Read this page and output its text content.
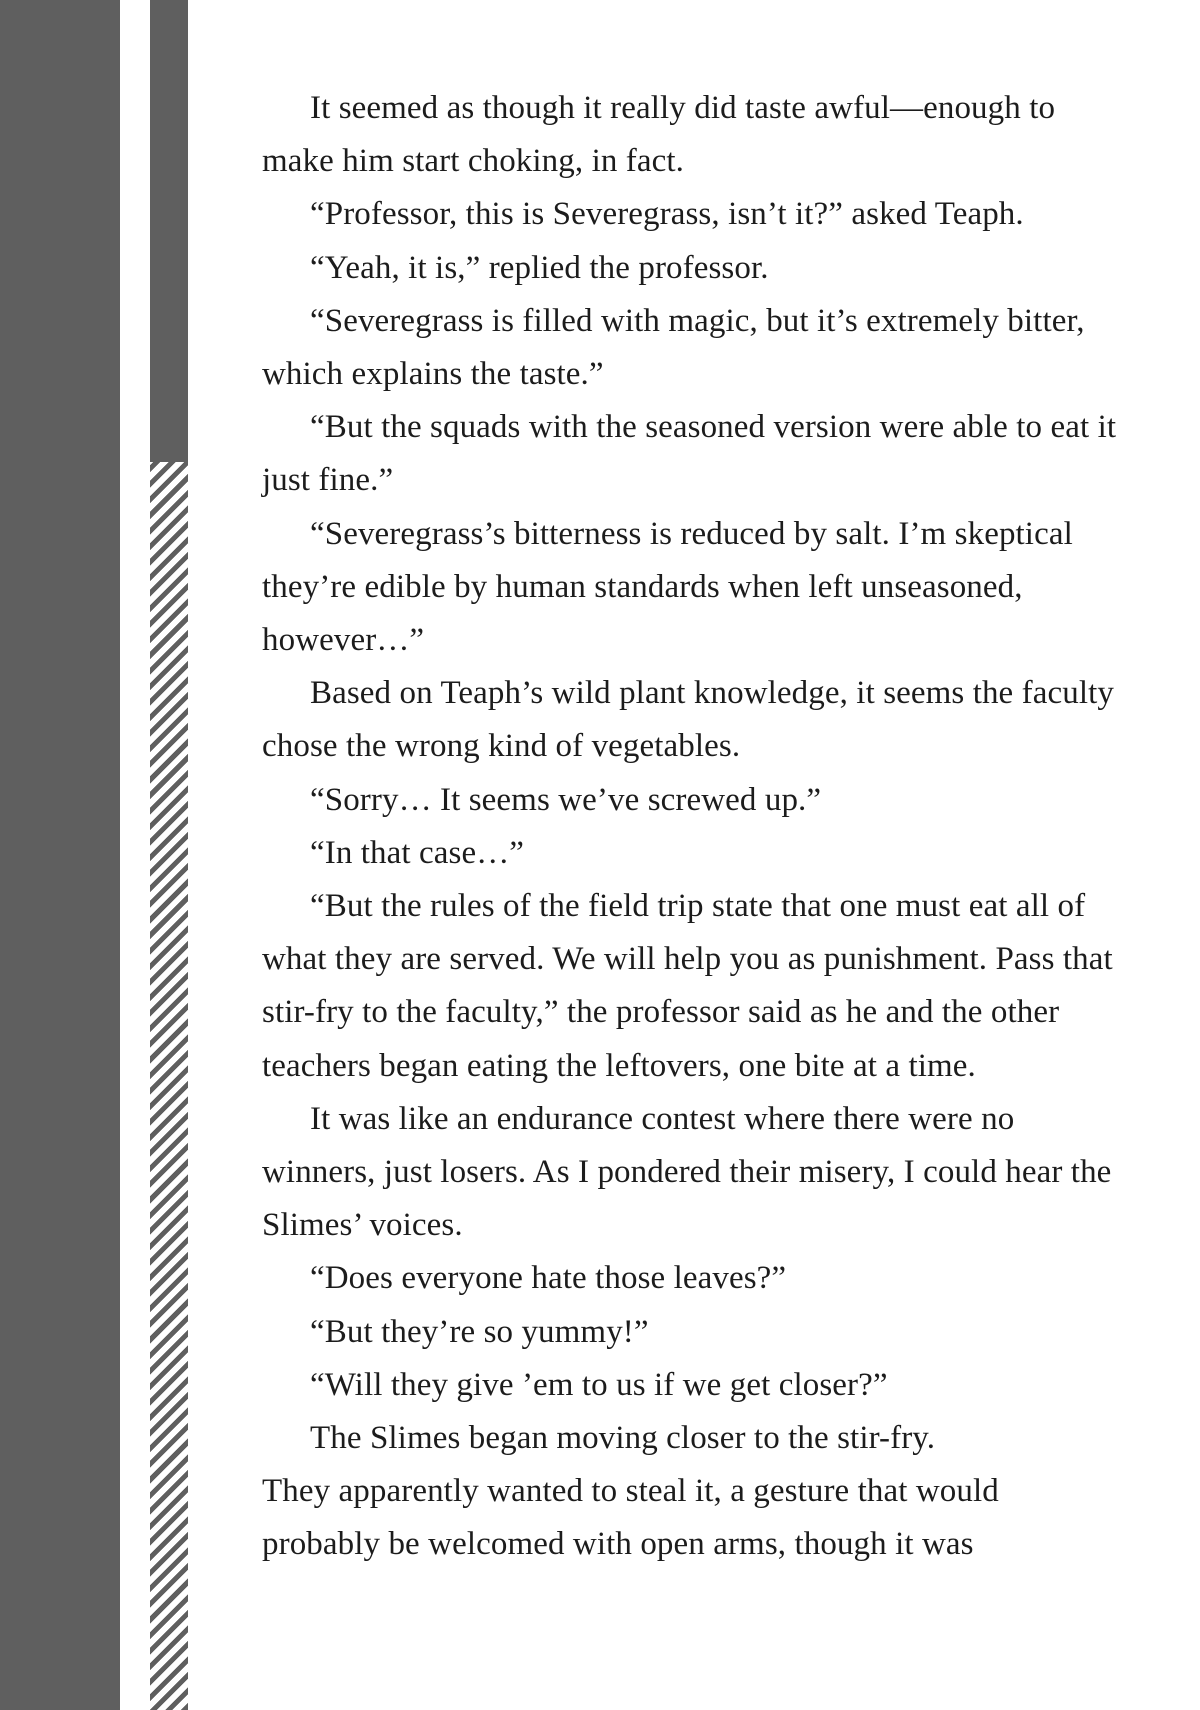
It seemed as though it really did taste awful—enough to make him start choking, in fact.

“Professor, this is Severegrass, isn’t it?” asked Teaph.

“Yeah, it is,” replied the professor.

“Severegrass is filled with magic, but it’s extremely bitter, which explains the taste.”

“But the squads with the seasoned version were able to eat it just fine.”

“Severegrass’s bitterness is reduced by salt. I’m skeptical they’re edible by human standards when left unseasoned, however…”

Based on Teaph’s wild plant knowledge, it seems the faculty chose the wrong kind of vegetables.

“Sorry… It seems we’ve screwed up.”

“In that case…”

“But the rules of the field trip state that one must eat all of what they are served. We will help you as punishment. Pass that stir-fry to the faculty,” the professor said as he and the other teachers began eating the leftovers, one bite at a time.

It was like an endurance contest where there were no winners, just losers. As I pondered their misery, I could hear the Slimes’ voices.

“Does everyone hate those leaves?”

“But they’re so yummy!”

“Will they give ’em to us if we get closer?”

The Slimes began moving closer to the stir-fry.

They apparently wanted to steal it, a gesture that would probably be welcomed with open arms, though it was
